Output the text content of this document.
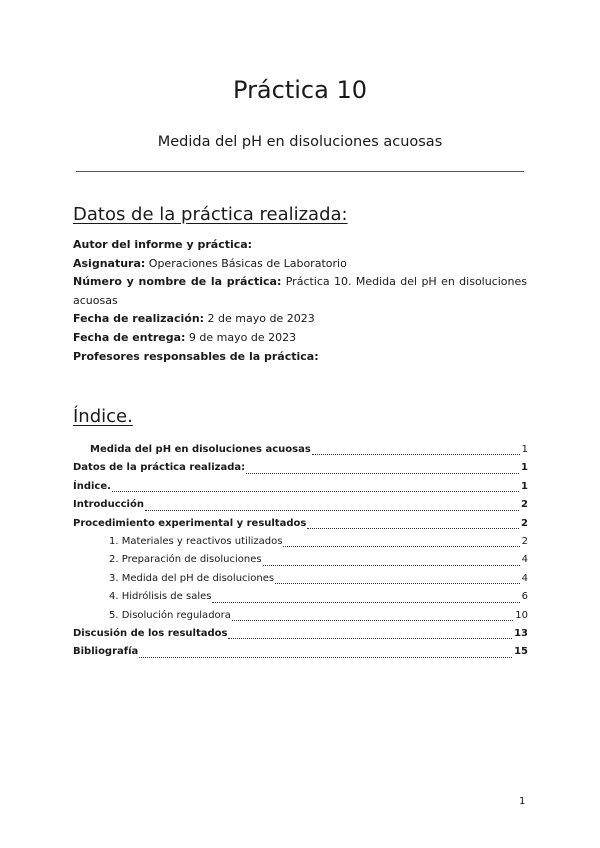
Práctica 10

Medida del pH en disoluciones acuosas

Datos de la práctica realizada:

Autor del informe y práctica:

Asignatura: Operaciones Básicas de Laboratorio

Número y nombre de la práctica: Práctica 10. Medida del pH en disoluciones acuosas

Fecha de realización: 2 de mayo de 2023

Fecha de entrega: 9 de mayo de 2023

Profesores responsables de la práctica:

Índice.
Medida del pH en disoluciones acuosas	1
Datos de la práctica realizada:	1
Índice.	1
Introducción	2
Procedimiento experimental y resultados	2
1. Materiales y reactivos utilizados	2
2. Preparación de disoluciones	4
3. Medida del pH de disoluciones	4
4. Hidrólisis de sales	6
5. Disolución reguladora	10
Discusión de los resultados	13
Bibliografía	15
1
